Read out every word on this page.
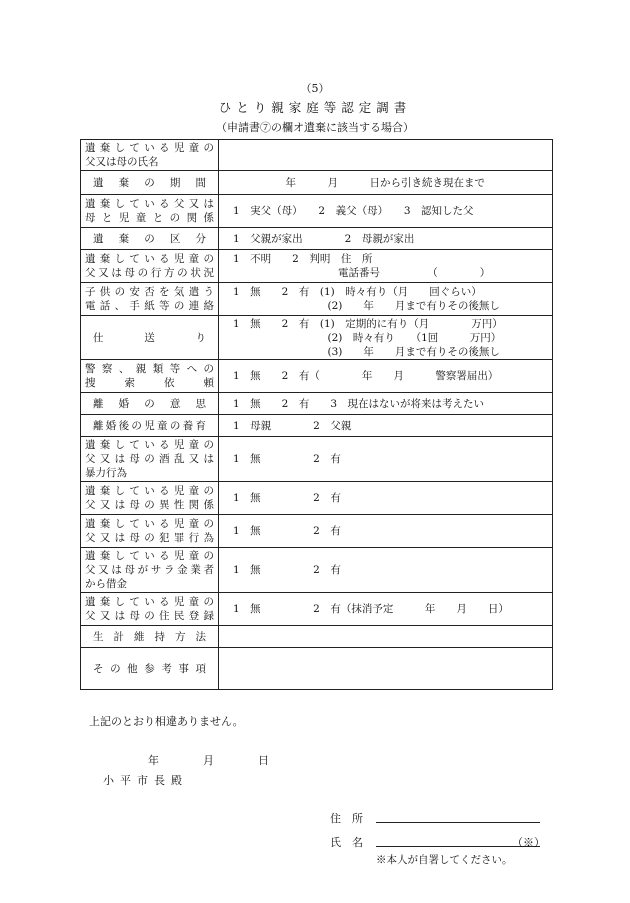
（5）
ひとり親家庭等認定調書
（申請書⑦の欄オ遺棄に該当する場合）
遺棄している児童の
父又は母の氏名	

遺棄の期間	　　　　　年　　　月　　　日から引き続き現在まで

遺棄している父又は
母と児童との関係	1　実父（母）　　2　義父（母）　　3　認知した父

遺棄の区分	1　父親が家出　　　　2　母親が家出

遺棄している児童の
父又は母の行方の状況	1　不明　　2　判明　住　所
　　　　　　　　　　電話番号　　　　　（　　　　）

子供の安否を気遣う
電話、手紙等の連絡	1　無　　2　有　(1)　時々有り（月　　回ぐらい）
　　　　　　　　　(2)　　年　　月まで有りその後無し

仕　　　送　　　り	1　無　　2　有　(1)　定期的に有り（月　　　　万円）
　　　　　　　　　(2)　時々有り　　（1回　　　万円）
　　　　　　　　　(3)　　年　　月まで有りその後無し

警察、親類等への
捜　索　依　頼	1　無　　2　有（　　　　年　　月　　　警察署届出）

離婚の意思	1　無　　2　有　　3　現在はないが将来は考えたい

離婚後の児童の養育	1　母親　　　　2　父親

遺棄している児童の
父又は母の酒乱又は
暴力行為	1　無　　　　　2　有

遺棄している児童の
父又は母の異性関係	1　無　　　　　2　有

遺棄している児童の
父又は母の犯罪行為	1　無　　　　　2　有

遺棄している児童の
父又は母がサラ金業者
から借金	1　無　　　　　2　有

遺棄している児童の
父又は母の住民登録	1　無　　　　　2　有（抹消予定　　　年　　月　　日）

生計維持方法	

その他参考事項	

上記のとおり相違ありません。
年　　　　月　　　　日
小平市長殿
住　所
氏　名	（※）
※本人が自署してください。
